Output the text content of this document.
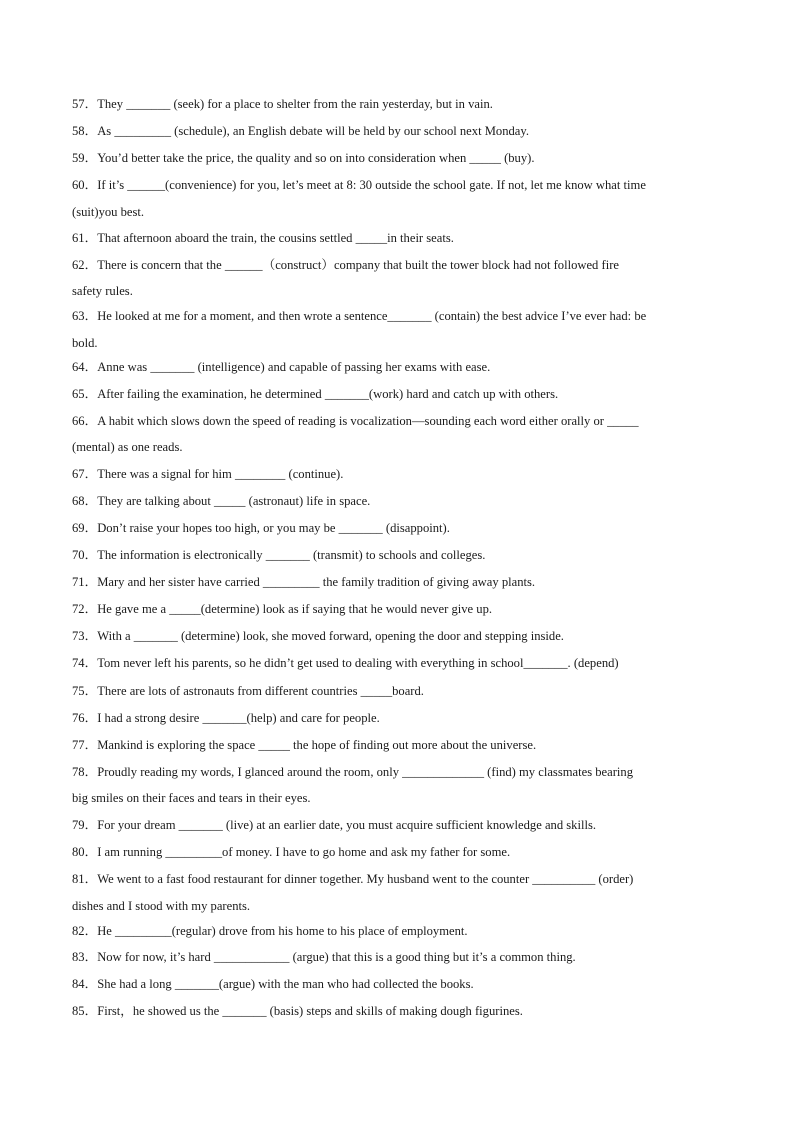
57．They _______ (seek) for a place to shelter from the rain yesterday, but in vain.
58．As _________ (schedule), an English debate will be held by our school next Monday.
59．You’d better take the price, the quality and so on into consideration when _____ (buy).
60．If it’s ______(convenience) for you, let’s meet at 8: 30 outside the school gate. If not, let me know what time
(suit)you best.
61．That afternoon aboard the train, the cousins settled _____in their seats.
62．There is concern that the ______（construct）company that built the tower block had not followed fire
safety rules.
63．He looked at me for a moment, and then wrote a sentence_______ (contain) the best advice I’ve ever had: be
bold.
64．Anne was _______ (intelligence) and capable of passing her exams with ease.
65．After failing the examination, he determined _______(work) hard and catch up with others.
66．A habit which slows down the speed of reading is vocalization—sounding each word either orally or _____
(mental) as one reads.
67．There was a signal for him ________ (continue).
68．They are talking about _____ (astronaut) life in space.
69．Don’t raise your hopes too high, or you may be _______ (disappoint).
70．The information is electronically _______ (transmit) to schools and colleges.
71．Mary and her sister have carried _________ the family tradition of giving away plants.
72．He gave me a _____(determine) look as if saying that he would never give up.
73．With a _______ (determine) look, she moved forward, opening the door and stepping inside.
74．Tom never left his parents, so he didn’t get used to dealing with everything in school_______. (depend)
75．There are lots of astronauts from different countries _____board.
76．I had a strong desire _______(help) and care for people.
77．Mankind is exploring the space _____ the hope of finding out more about the universe.
78．Proudly reading my words, I glanced around the room, only _____________ (find) my classmates bearing
big smiles on their faces and tears in their eyes.
79．For your dream _______ (live) at an earlier date, you must acquire sufficient knowledge and skills.
80．I am running _________of money. I have to go home and ask my father for some.
81．We went to a fast food restaurant for dinner together. My husband went to the counter __________ (order)
dishes and I stood with my parents.
82．He _________(regular) drove from his home to his place of employment.
83．Now for now, it’s hard ____________ (argue) that this is a good thing but it’s a common thing.
84．She had a long _______(argue) with the man who had collected the books.
85．First，he showed us the _______ (basis) steps and skills of making dough figurines.
